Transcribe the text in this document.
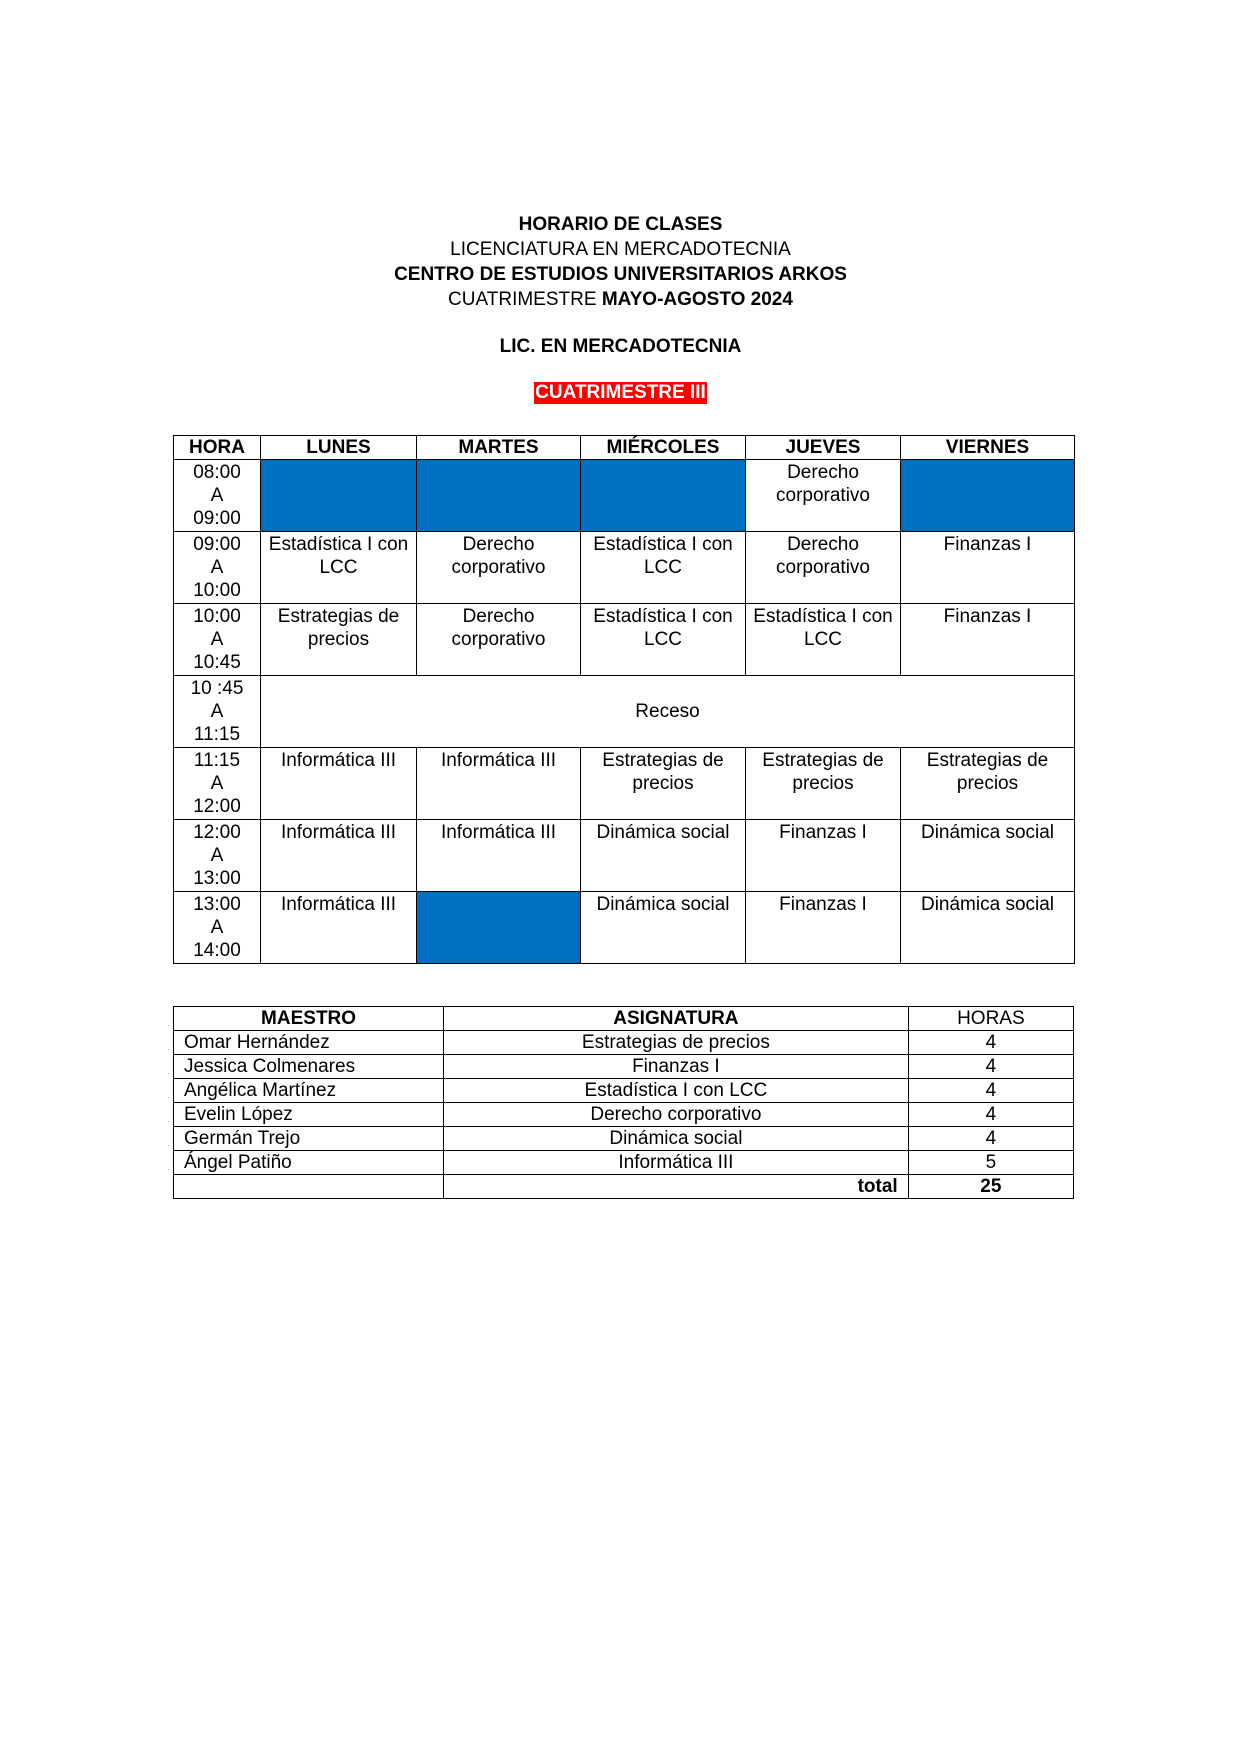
HORARIO DE CLASES
LICENCIATURA EN MERCADOTECNIA
CENTRO DE ESTUDIOS UNIVERSITARIOS ARKOS
CUATRIMESTRE MAYO-AGOSTO 2024
LIC. EN MERCADOTECNIA
CUATRIMESTRE III
HORA	LUNES	MARTES	MIÉRCOLES	JUEVES	VIERNES

08:00
A
09:00				Derecho corporativo	

09:00
A
10:00	Estadística I con LCC	Derecho corporativo	Estadística I con LCC	Derecho corporativo	Finanzas I

10:00
A
10:45	Estrategias de precios	Derecho corporativo	Estadística I con LCC	Estadística I con LCC	Finanzas I

10 :45
A
11:15	Receso				

11:15
A
12:00	Informática III	Informática III	Estrategias de precios	Estrategias de precios	Estrategias de precios

12:00
A
13:00	Informática III	Informática III	Dinámica social	Finanzas I	Dinámica social

13:00
A
14:00	Informática III		Dinámica social	Finanzas I	Dinámica social
MAESTRO	ASIGNATURA	HORAS
Omar Hernández	Estrategias de precios	4
Jessica Colmenares	Finanzas I	4
Angélica Martínez	Estadística I con LCC	4
Evelin López	Derecho corporativo	4
Germán Trejo	Dinámica social	4
Ángel Patiño	Informática III	5
	total	25
